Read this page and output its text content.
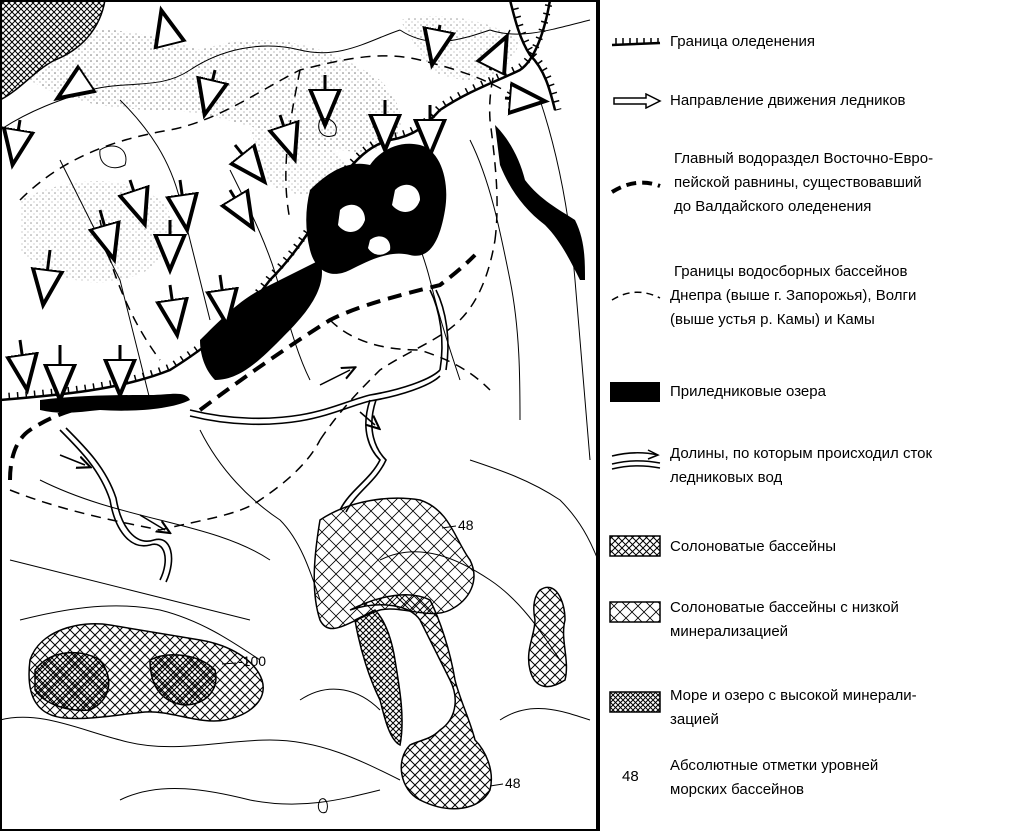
48
-100
48
Граница оледенения
Направление движения ледников
Главный водораздел Восточно-Евро-
пейской равнины, существовавший
до Валдайского оледенения
Границы водосборных бассейнов
Днепра (выше г. Запорожья), Волги
(выше устья р. Камы) и Камы
Приледниковые озера
Долины, по которым происходил сток
ледниковых вод
Солоноватые бассейны
Солоноватые бассейны с низкой
минерализацией
Море и озеро с высокой минерали-
зацией
48
Абсолютные отметки уровней
морских бассейнов
